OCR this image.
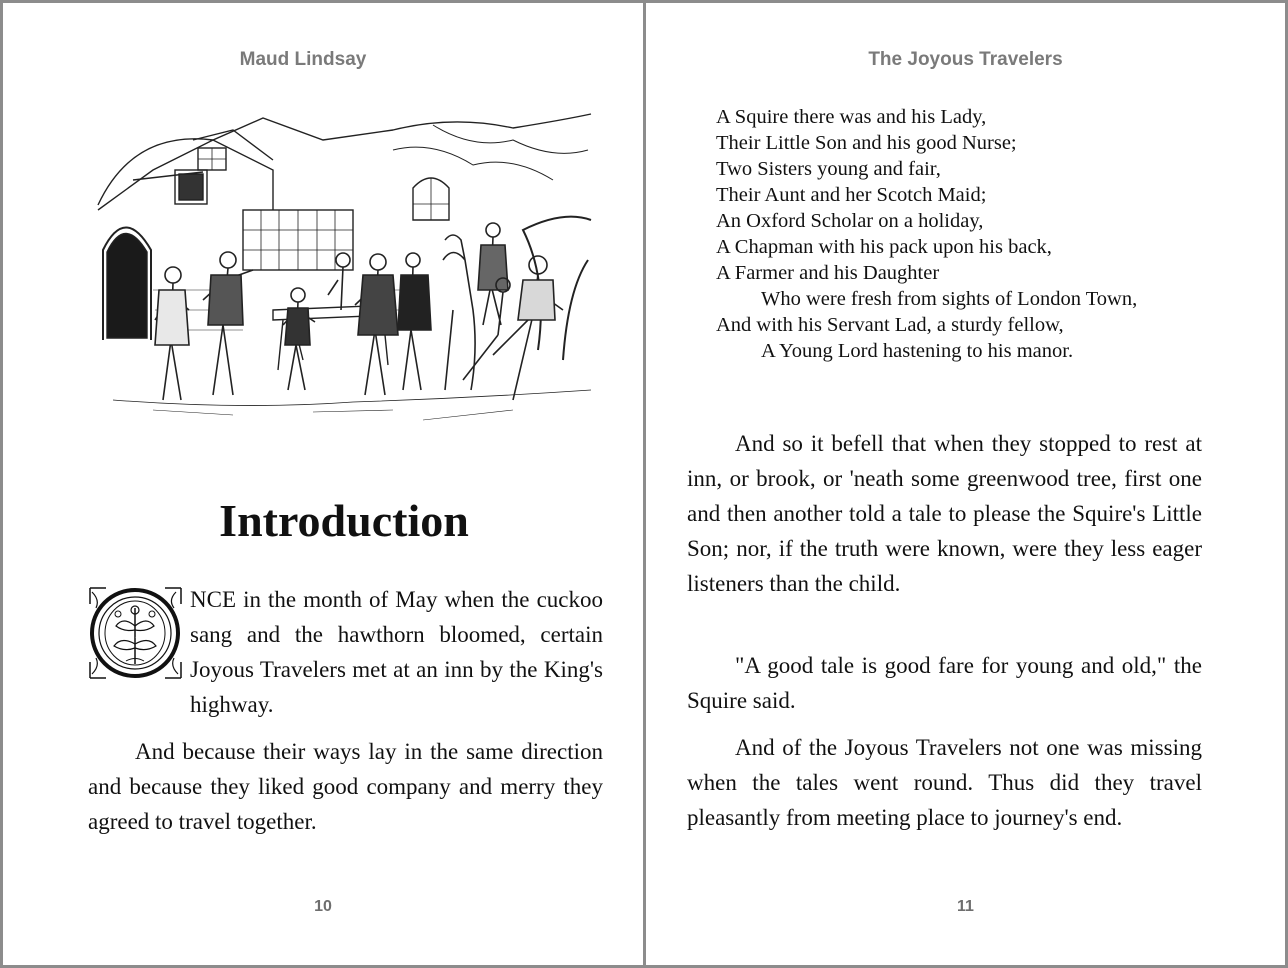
Maud Lindsay
Introduction
O

NCE in the month of May when the cuckoo sang and the hawthorn bloomed, certain Joyous Travelers met at an inn by the King's highway.

And because their ways lay in the same direction and because they liked good company and merry they agreed to travel together.

10
The Joyous Travelers
A Squire there was and his Lady,
Their Little Son and his good Nurse;
Two Sisters young and fair,
Their Aunt and her Scotch Maid;
An Oxford Scholar on a holiday,
A Chapman with his pack upon his back,
A Farmer and his Daughter
Who were fresh from sights of London Town,
And with his Servant Lad, a sturdy fellow,
A Young Lord hastening to his manor.

And so it befell that when they stopped to rest at inn, or brook, or 'neath some greenwood tree, first one and then another told a tale to please the Squire's Little Son; nor, if the truth were known, were they less eager listeners than the child.

"A good tale is good fare for young and old," the Squire said.

And of the Joyous Travelers not one was missing when the tales went round. Thus did they travel pleasantly from meeting place to journey's end.

11
